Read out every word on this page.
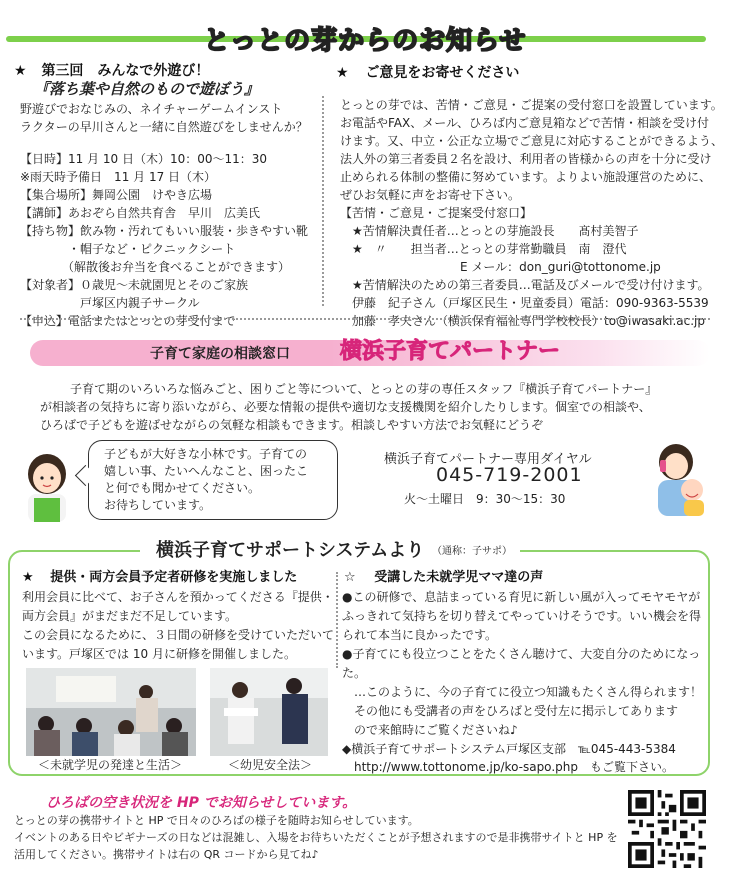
とっとの芽からのお知らせ
★ 第三回　みんなで外遊び！
『落ち葉や自然のもので遊ぼう』
野遊びでおなじみの、ネイチャーゲームインスト
ラクターの早川さんと一緒に自然遊びをしませんか？
【日時】11 月 10 日（木）10：00～11：30
※雨天時予備日　11 月 17 日（木）
【集合場所】舞岡公園　けやき広場
【講師】あおぞら自然共育舎　早川　広美氏
【持ち物】飲み物・汚れてもいい服装・歩きやすい靴
　　　　・帽子など・ピクニックシート
　　　　（解散後お弁当を食べることができます）
【対象者】０歳児～未就園児とそのご家族
　　　　　戸塚区内親子サークル
【申込】電話またはとっとの芽受付まで
★ ご意見をお寄せください
とっとの芽では、苦情・ご意見・ご提案の受付窓口を設置しています。
お電話やFAX、メール、ひろば内ご意見箱などで苦情・相談を受け付
けます。又、中立・公正な立場でご意見に対応することができるよう、
法人外の第三者委員２名を設け、利用者の皆様からの声を十分に受け
止められる体制の整備に努めています。よりよい施設運営のために、
ぜひお気軽に声をお寄せ下さい。
【苦情・ご意見・ご提案受付窓口】
　★苦情解決責任者…とっとの芽施設長　　髙村美智子
　★　〃　　担当者…とっとの芽常勤職員　南　澄代
　　　　　　　　　　E メール：don_guri@tottonome.jp
　★苦情解決のための第三者委員…電話及びメールで受け付けます。
　伊藤　紀子さん（戸塚区民生・児童委員）電話：090-9363-5539
　加藤　孝夫さん（横浜保育福祉専門学校校長）to@iwasaki.ac.jp
子育て家庭の相談窓口 横浜子育てパートナー
子育て期のいろいろな悩みごと、困りごと等について、とっとの芽の専任スタッフ『横浜子育てパートナー』
が相談者の気持ちに寄り添いながら、必要な情報の提供や適切な支援機関を紹介したりします。個室での相談や、
ひろばで子どもを遊ばせながらの気軽な相談もできます。相談しやすい方法でお気軽にどうぞ
子どもが大好きな小林です。子育ての
嬉しい事、たいへんなこと、困ったこ
と何でも聞かせてください。
お待ちしています。
横浜子育てパートナー専用ダイヤル
045-719-2001
火～土曜日　9：30～15：30
横浜子育てサポートシステムより （通称：子サポ）
★ 提供・両方会員予定者研修を実施しました
利用会員に比べて、お子さんを預かってくださる『提供・
両方会員』がまだまだ不足しています。
この会員になるために、３日間の研修を受けていただいて
います。戸塚区では 10 月に研修を開催しました。
＜未就学児の発達と生活＞	＜幼児安全法＞
☆ 受講した未就学児ママ達の声
●この研修で、息詰まっている育児に新しい風が入ってモヤモヤが
ふっきれて気持ちを切り替えてやっていけそうです。いい機会を得
られて本当に良かったです。
●子育てにも役立つことをたくさん聴けて、大変自分のためになっ
た。
　…このように、今の子育てに役立つ知識もたくさん得られます！
　その他にも受講者の声をひろばと受付左に掲示してあります
　ので来館時にご覧くださいね♪
◆横浜子育てサポートシステム戸塚区支部　℡045-443-5384
　http://www.tottonome.jp/ko-sapo.php　もご覧下さい。
ひろばの空き状況を HP でお知らせしています。
とっとの芽の携帯サイトと HP で日々のひろばの様子を随時お知らせしています。
イベントのある日やビギナーズの日などは混雑し、入場をお待ちいただくことが予想されますので是非携帯サイトと HP を
活用してください。携帯サイトは右の QR コードから見てね♪
